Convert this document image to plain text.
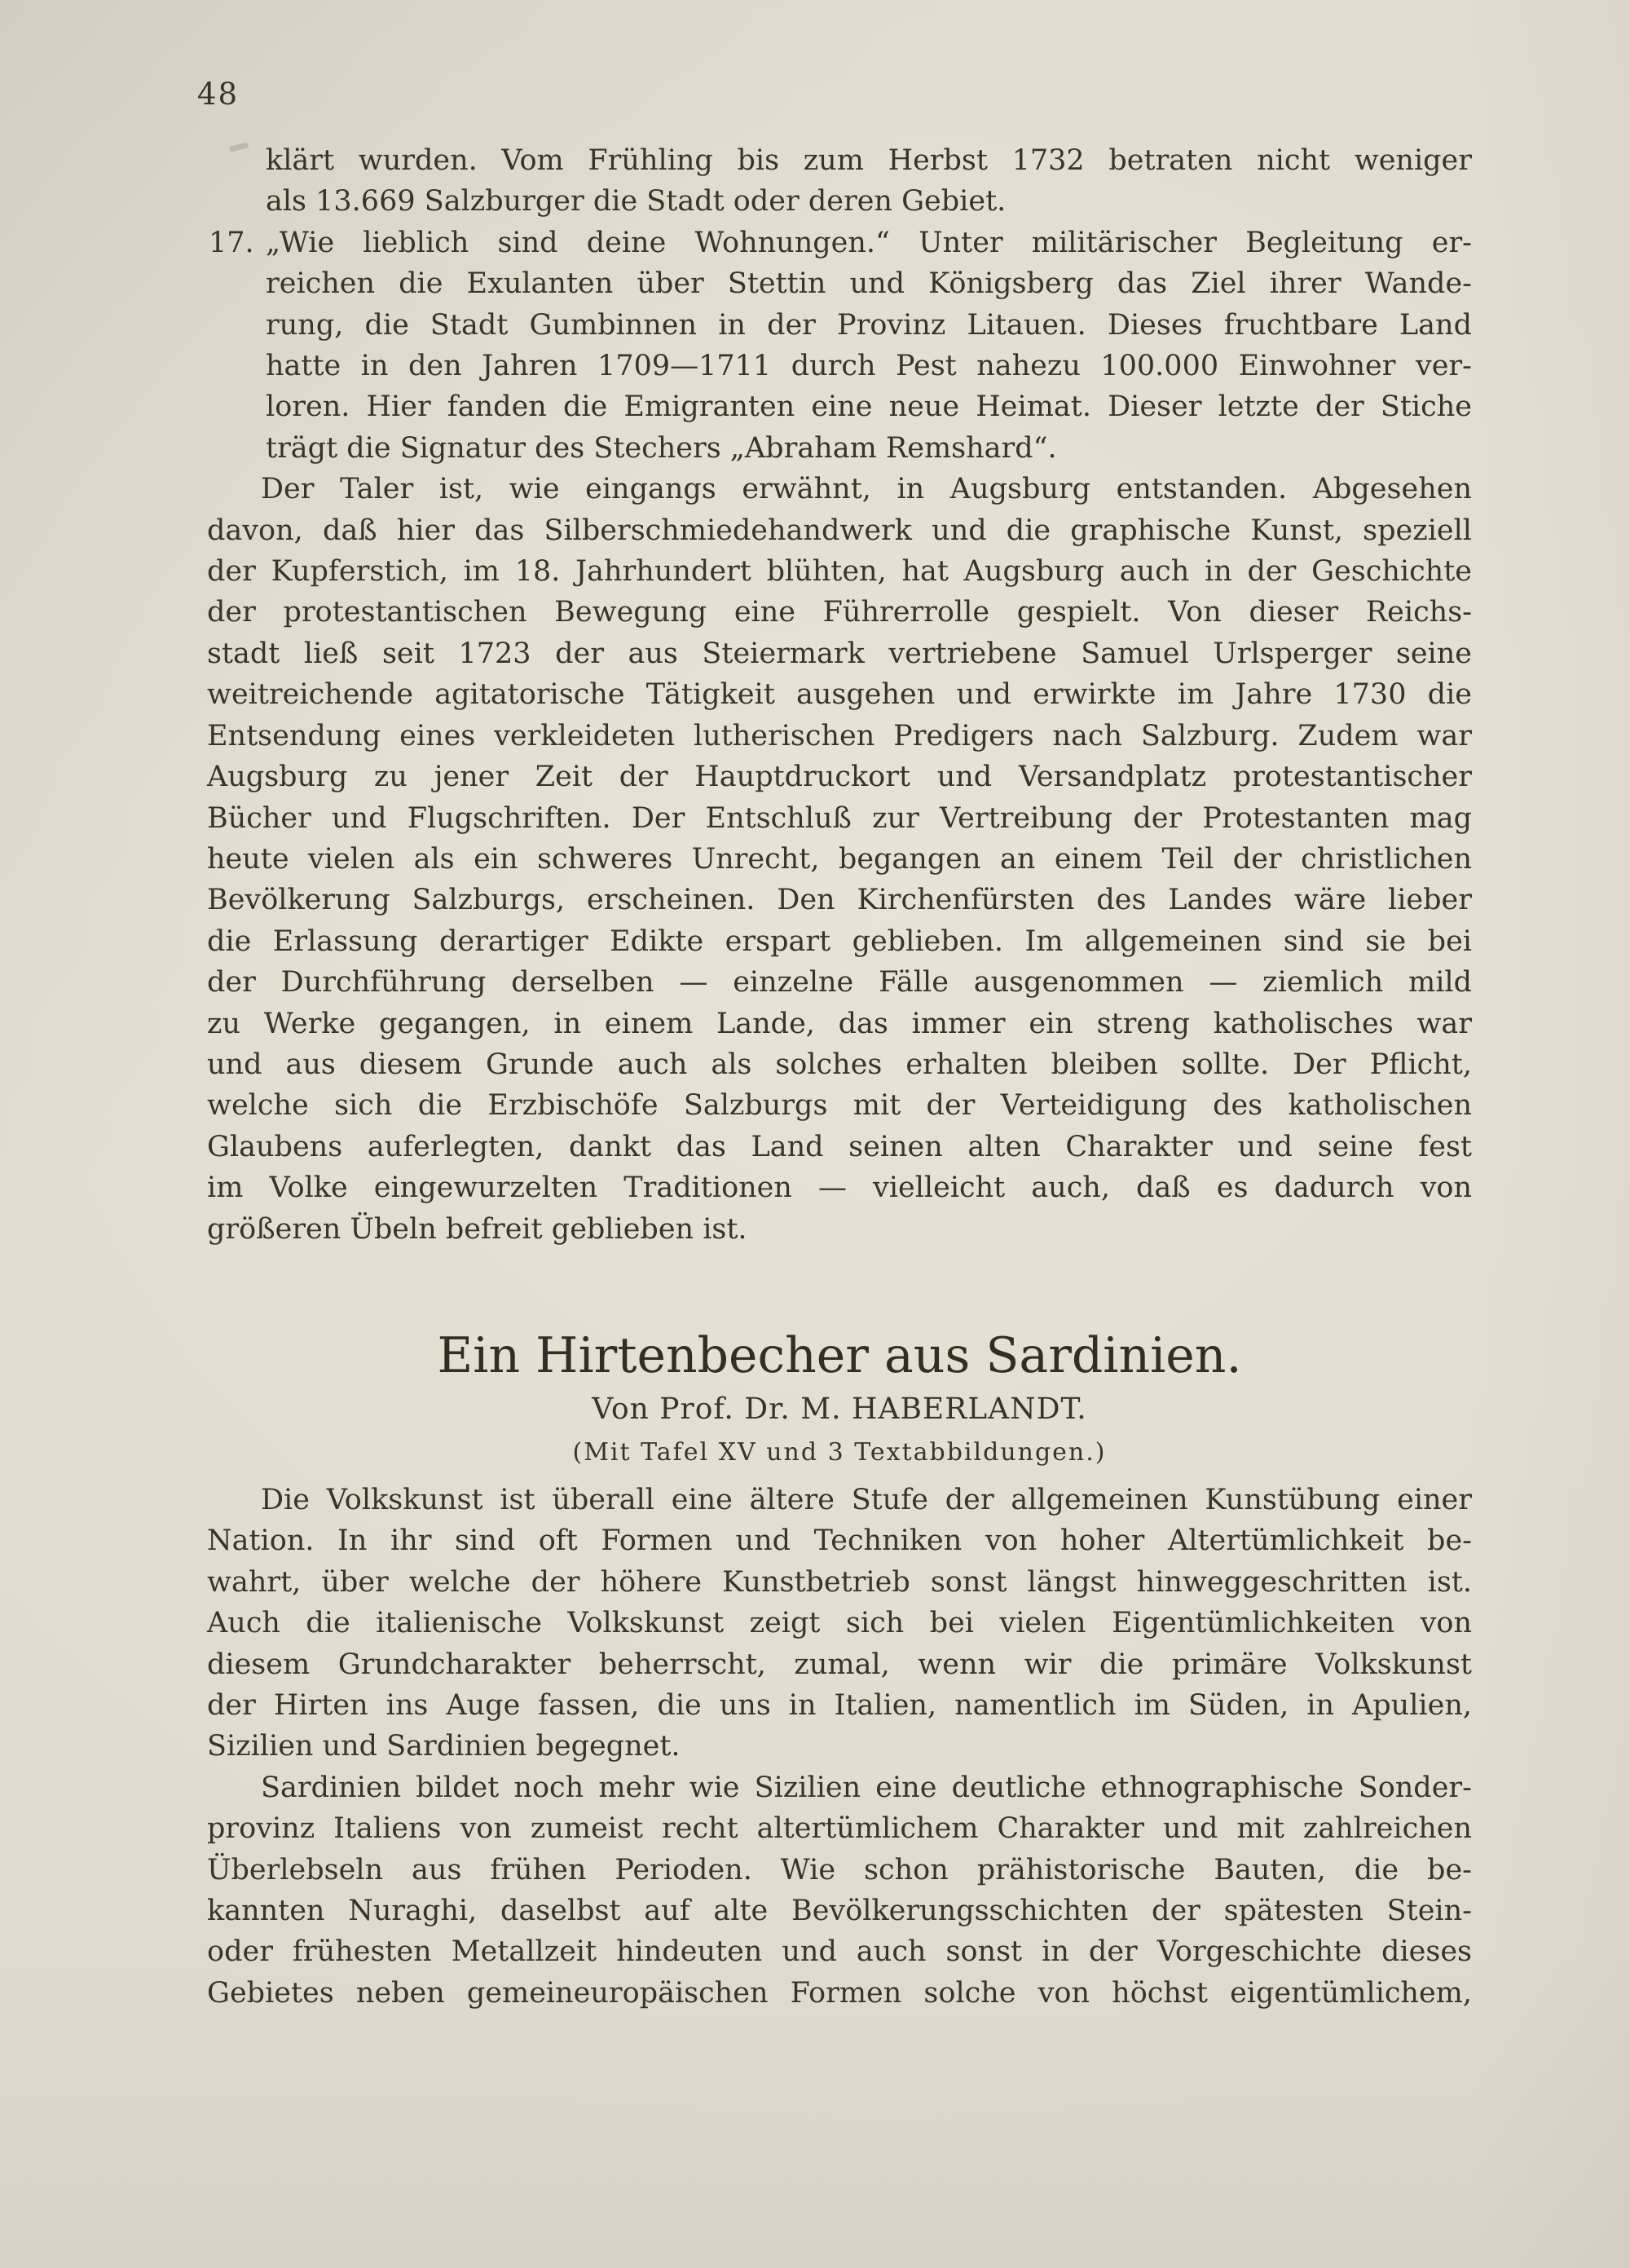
48
klärt wurden. Vom Frühling bis zum Herbst 1732 betraten nicht weniger
als 13.669 Salzburger die Stadt oder deren Gebiet.
17. „Wie lieblich sind deine Wohnungen.“ Unter militärischer Begleitung er-
reichen die Exulanten über Stettin und Königsberg das Ziel ihrer Wande-
rung, die Stadt Gumbinnen in der Provinz Litauen. Dieses fruchtbare Land
hatte in den Jahren 1709—1711 durch Pest nahezu 100.000 Einwohner ver-
loren. Hier fanden die Emigranten eine neue Heimat. Dieser letzte der Stiche
trägt die Signatur des Stechers „Abraham Remshard“.
Der Taler ist, wie eingangs erwähnt, in Augsburg entstanden. Abgesehen
davon, daß hier das Silberschmiedehandwerk und die graphische Kunst, speziell
der Kupferstich, im 18. Jahrhundert blühten, hat Augsburg auch in der Geschichte
der protestantischen Bewegung eine Führerrolle gespielt. Von dieser Reichs-
stadt ließ seit 1723 der aus Steiermark vertriebene Samuel Urlsperger seine
weitreichende agitatorische Tätigkeit ausgehen und erwirkte im Jahre 1730 die
Entsendung eines verkleideten lutherischen Predigers nach Salzburg. Zudem war
Augsburg zu jener Zeit der Hauptdruckort und Versandplatz protestantischer
Bücher und Flugschriften. Der Entschluß zur Vertreibung der Protestanten mag
heute vielen als ein schweres Unrecht, begangen an einem Teil der christlichen
Bevölkerung Salzburgs, erscheinen. Den Kirchenfürsten des Landes wäre lieber
die Erlassung derartiger Edikte erspart geblieben. Im allgemeinen sind sie bei
der Durchführung derselben — einzelne Fälle ausgenommen — ziemlich mild
zu Werke gegangen, in einem Lande, das immer ein streng katholisches war
und aus diesem Grunde auch als solches erhalten bleiben sollte. Der Pflicht,
welche sich die Erzbischöfe Salzburgs mit der Verteidigung des katholischen
Glaubens auferlegten, dankt das Land seinen alten Charakter und seine fest
im Volke eingewurzelten Traditionen — vielleicht auch, daß es dadurch von
größeren Übeln befreit geblieben ist.
Ein Hirtenbecher aus Sardinien.
Von Prof. Dr. M. HABERLANDT.
(Mit Tafel XV und 3 Textabbildungen.)
Die Volkskunst ist überall eine ältere Stufe der allgemeinen Kunstübung einer
Nation. In ihr sind oft Formen und Techniken von hoher Altertümlichkeit be-
wahrt, über welche der höhere Kunstbetrieb sonst längst hinweggeschritten ist.
Auch die italienische Volkskunst zeigt sich bei vielen Eigentümlichkeiten von
diesem Grundcharakter beherrscht, zumal, wenn wir die primäre Volkskunst
der Hirten ins Auge fassen, die uns in Italien, namentlich im Süden, in Apulien,
Sizilien und Sardinien begegnet.
Sardinien bildet noch mehr wie Sizilien eine deutliche ethnographische Sonder-
provinz Italiens von zumeist recht altertümlichem Charakter und mit zahlreichen
Überlebseln aus frühen Perioden. Wie schon prähistorische Bauten, die be-
kannten Nuraghi, daselbst auf alte Bevölkerungsschichten der spätesten Stein-
oder frühesten Metallzeit hindeuten und auch sonst in der Vorgeschichte dieses
Gebietes neben gemeineuropäischen Formen solche von höchst eigentümlichem,
